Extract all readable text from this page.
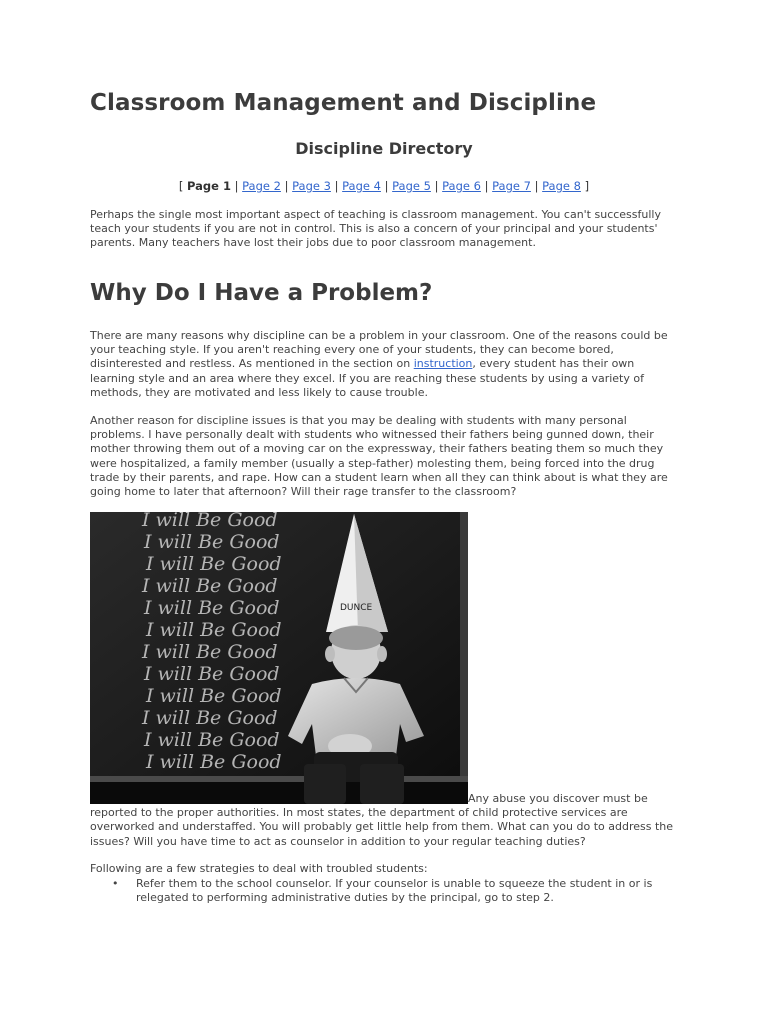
Classroom Management and Discipline
Discipline Directory
[ Page 1 | Page 2 | Page 3 | Page 4 | Page 5 | Page 6 | Page 7 | Page 8 ]

Perhaps the single most important aspect of teaching is classroom management. You can't successfully teach your students if you are not in control. This is also a concern of your principal and your students' parents. Many teachers have lost their jobs due to poor classroom management.

Why Do I Have a Problem?

There are many reasons why discipline can be a problem in your classroom. One of the reasons could be your teaching style. If you aren't reaching every one of your students, they can become bored, disinterested and restless. As mentioned in the section on instruction, every student has their own learning style and an area where they excel. If you are reaching these students by using a variety of methods, they are motivated and less likely to cause trouble.

Another reason for discipline issues is that you may be dealing with students with many personal problems. I have personally dealt with students who witnessed their fathers being gunned down, their mother throwing them out of a moving car on the expressway, their fathers beating them so much they were hospitalized, a family member (usually a step-father) molesting them, being forced into the drug trade by their parents, and rape. How can a student learn when all they can think about is what they are going home to later that afternoon? Will their rage transfer to the classroom?

I will Be Good
I will Be Good
I will Be Good
I will Be Good
I will Be Good
I will Be Good
I will Be Good
I will Be Good
I will Be Good
I will Be Good
I will Be Good
I will Be Good
DUNCE

Any abuse you discover must be
reported to the proper authorities. In most states, the department of child protective services are overworked and understaffed. You will probably get little help from them. What can you do to address the issues? Will you have time to act as counselor in addition to your regular teaching duties?

Following are a few strategies to deal with troubled students:

• Refer them to the school counselor. If your counselor is unable to squeeze the student in or is relegated to performing administrative duties by the principal, go to step 2.
